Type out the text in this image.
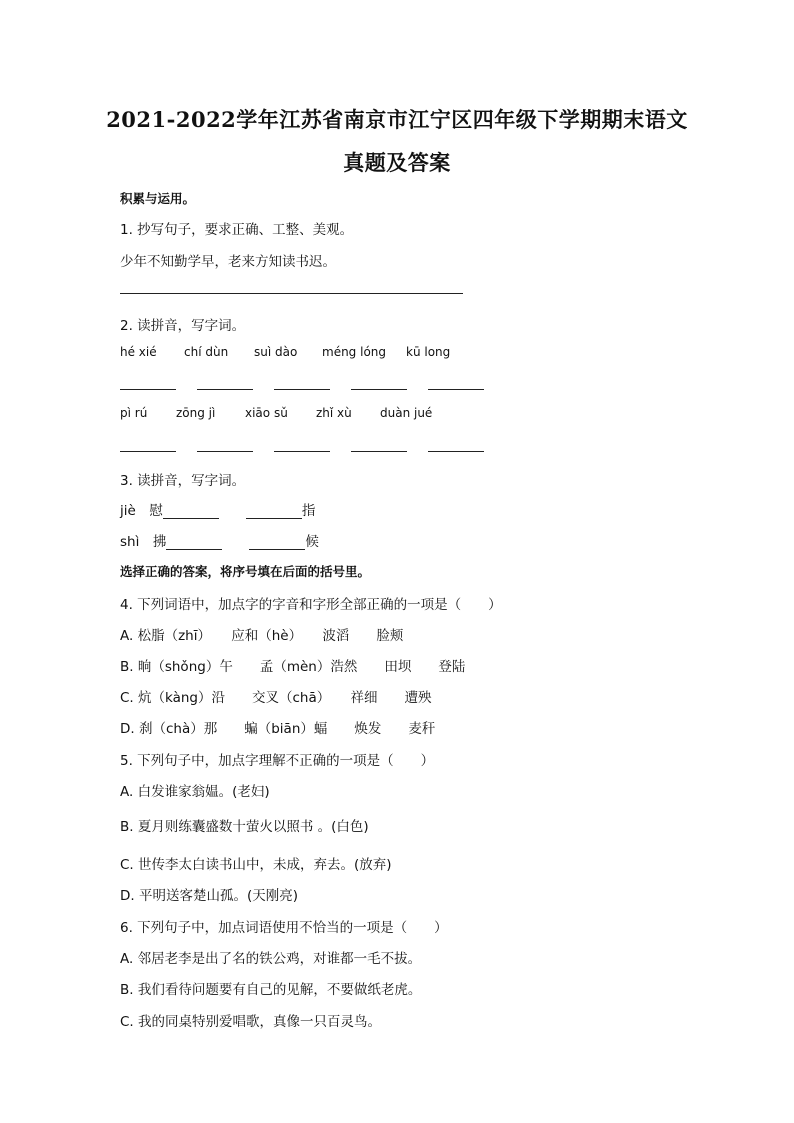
2021-2022学年江苏省南京市江宁区四年级下学期期末语文
真题及答案
积累与运用。
1. 抄写句子，要求正确、工整、美观。
少年不知勤学早，老来方知读书迟。
2. 读拼音，写字词。
hé xié chí dùn suì dào méng lóng kū long
pì rú zōng jì xiāo sǔ zhǐ xù duàn jué
3. 读拼音，写字词。
jiè　 慰　　	指
shì　 拂　　	候
选择正确的答案，将序号填在后面的括号里。
4. 下列词语中，加点字的字音和字形全部正确的一项是（　　）
A. 松脂（zhī）　　应和（hè）　　波滔　　脸颊
B. 晌（shǒng）午　　孟（mèn）浩然　　田坝　　登陆
C. 炕（kàng）沿　　交叉（chā）　　祥细　　遭殃
D. 刹（chà）那　　蝙（biān）蝠　　焕发　　麦秆
5. 下列句子中，加点字理解不正确的一项是（　　）
A. 白发谁家翁媪。(老妇)
B. 夏月则练囊盛数十萤火以照书 。(白色)
C. 世传李太白读书山中，未成，弃去。(放弃)
D. 平明送客楚山孤。(天刚亮)
6. 下列句子中，加点词语使用不恰当的一项是（　　）
A. 邻居老李是出了名的铁公鸡，对谁都一毛不拔。
B. 我们看待问题要有自己的见解，不要做纸老虎。
C. 我的同桌特别爱唱歌，真像一只百灵鸟。
